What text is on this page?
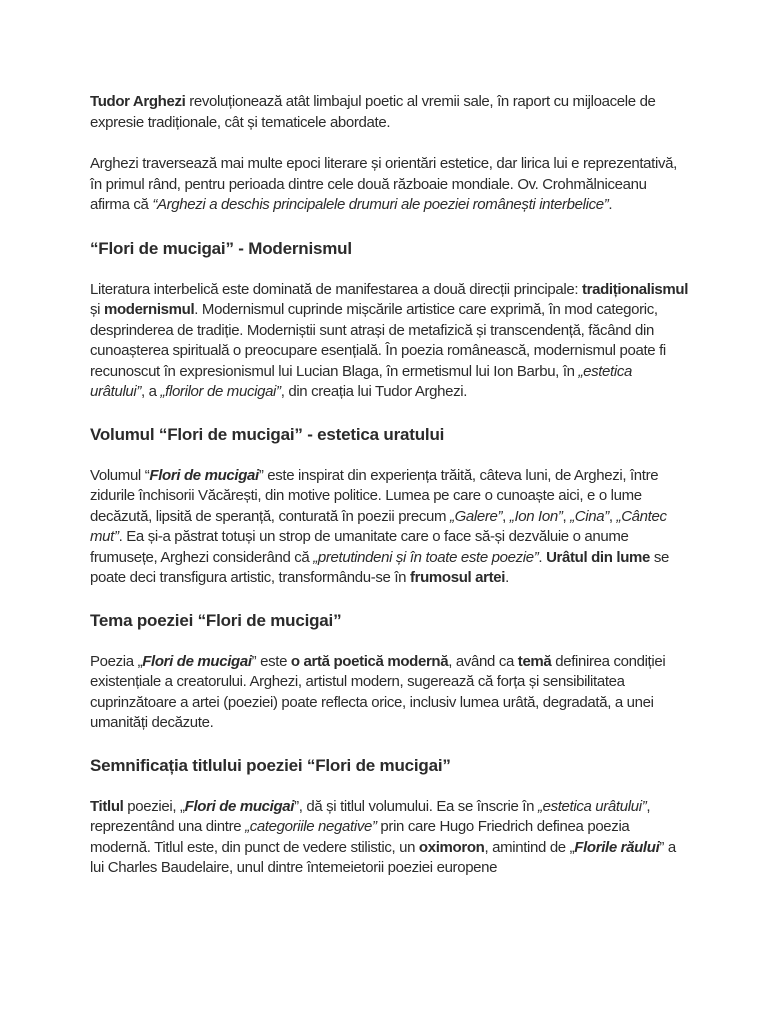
Tudor Arghezi revoluționează atât limbajul poetic al vremii sale, în raport cu mijloacele de expresie tradiționale, cât și tematicele abordate.

Arghezi traversează mai multe epoci literare și orientări estetice, dar lirica lui e reprezentativă, în primul rând, pentru perioada dintre cele două războaie mondiale. Ov. Crohmălniceanu afirma că “Arghezi a deschis principalele drumuri ale poeziei românești interbelice”.

“Flori de mucigai” - Modernismul

Literatura interbelică este dominată de manifestarea a două direcții principale: tradiționalismul și modernismul. Modernismul cuprinde mișcările artistice care exprimă, în mod categoric, desprinderea de tradiție. Moderniștii sunt atrași de metafizică și transcendență, făcând din cunoașterea spirituală o preocupare esențială. În poezia românească, modernismul poate fi recunoscut în expresionismul lui Lucian Blaga, în ermetismul lui Ion Barbu, în „estetica urâtului”, a „florilor de mucigai”, din creația lui Tudor Arghezi.

Volumul “Flori de mucigai” - estetica uratului

Volumul “Flori de mucigai” este inspirat din experiența trăită, câteva luni, de Arghezi, între zidurile închisorii Văcărești, din motive politice. Lumea pe care o cunoaște aici, e o lume decăzută, lipsită de speranță, conturată în poezii precum „Galere”, „Ion Ion”, „Cina”, „Cântec mut”. Ea și-a păstrat totuși un strop de umanitate care o face să-și dezvăluie o anume frumusețe, Arghezi considerând că „pretutindeni și în toate este poezie”. Urâtul din lume se poate deci transfigura artistic, transformându-se în frumosul artei.

Tema poeziei “Flori de mucigai”

Poezia „Flori de mucigai” este o artă poetică modernă, având ca temă definirea condiției existențiale a creatorului. Arghezi, artistul modern, sugerează că forța și sensibilitatea cuprinzătoare a artei (poeziei) poate reflecta orice, inclusiv lumea urâtă, degradată, a unei umanități decăzute.

Semnificația titlului poeziei “Flori de mucigai”

Titlul poeziei, „Flori de mucigai”, dă și titlul volumului. Ea se înscrie în „estetica urâtului”, reprezentând una dintre „categoriile negative” prin care Hugo Friedrich definea poezia modernă. Titlul este, din punct de vedere stilistic, un oximoron, amintind de „Florile răului” a lui Charles Baudelaire, unul dintre întemeietorii poeziei europene
